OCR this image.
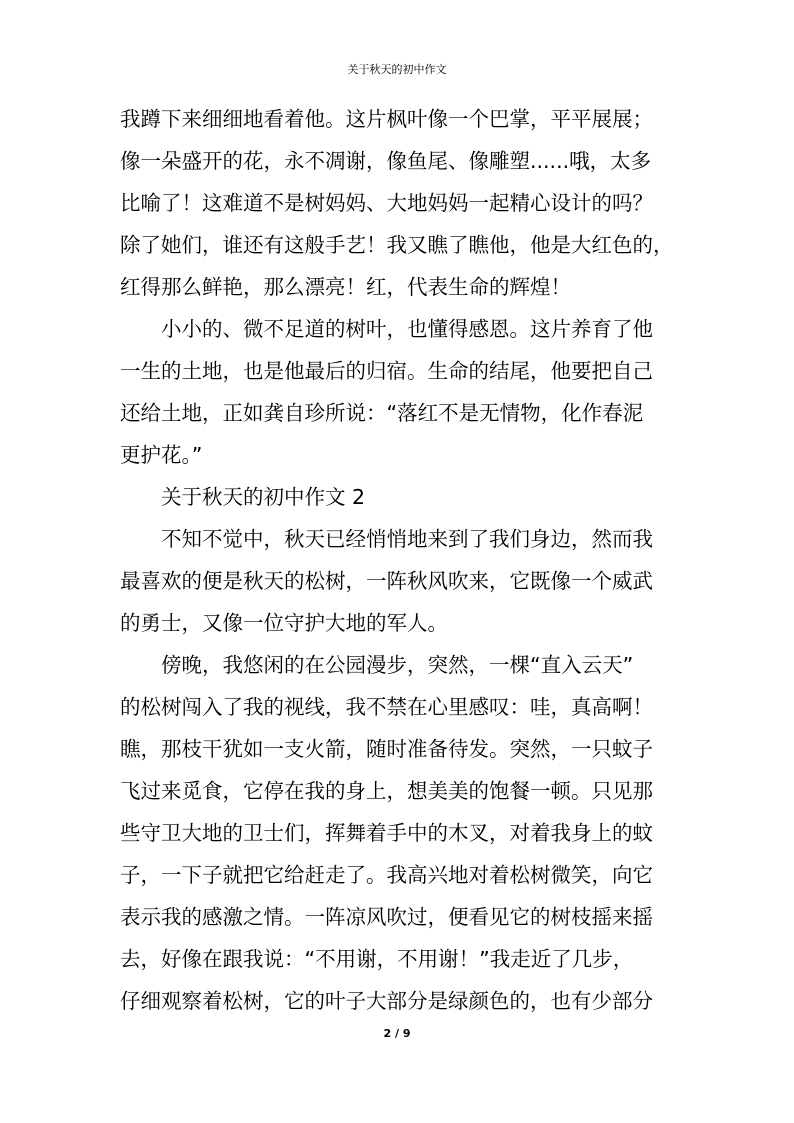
关于秋天的初中作文
我蹲下来细细地看着他。这片枫叶像一个巴掌，平平展展；
像一朵盛开的花，永不凋谢，像鱼尾、像雕塑......哦，太多
比喻了！这难道不是树妈妈、大地妈妈一起精心设计的吗？
除了她们，谁还有这般手艺！我又瞧了瞧他，他是大红色的，
红得那么鲜艳，那么漂亮！红，代表生命的辉煌！
小小的、微不足道的树叶，也懂得感恩。这片养育了他
一生的土地，也是他最后的归宿。生命的结尾，他要把自己
还给土地，正如龚自珍所说：“落红不是无情物，化作春泥
更护花。”
关于秋天的初中作文 2
不知不觉中，秋天已经悄悄地来到了我们身边，然而我
最喜欢的便是秋天的松树，一阵秋风吹来，它既像一个威武
的勇士，又像一位守护大地的军人。
傍晚，我悠闲的在公园漫步，突然，一棵“直入云天”
的松树闯入了我的视线，我不禁在心里感叹：哇，真高啊！
瞧，那枝干犹如一支火箭，随时准备待发。突然，一只蚊子
飞过来觅食，它停在我的身上，想美美的饱餐一顿。只见那
些守卫大地的卫士们，挥舞着手中的木叉，对着我身上的蚊
子，一下子就把它给赶走了。我高兴地对着松树微笑，向它
表示我的感激之情。一阵凉风吹过，便看见它的树枝摇来摇
去，好像在跟我说：“不用谢，不用谢！”我走近了几步，
仔细观察着松树，它的叶子大部分是绿颜色的，也有少部分
2 / 9
